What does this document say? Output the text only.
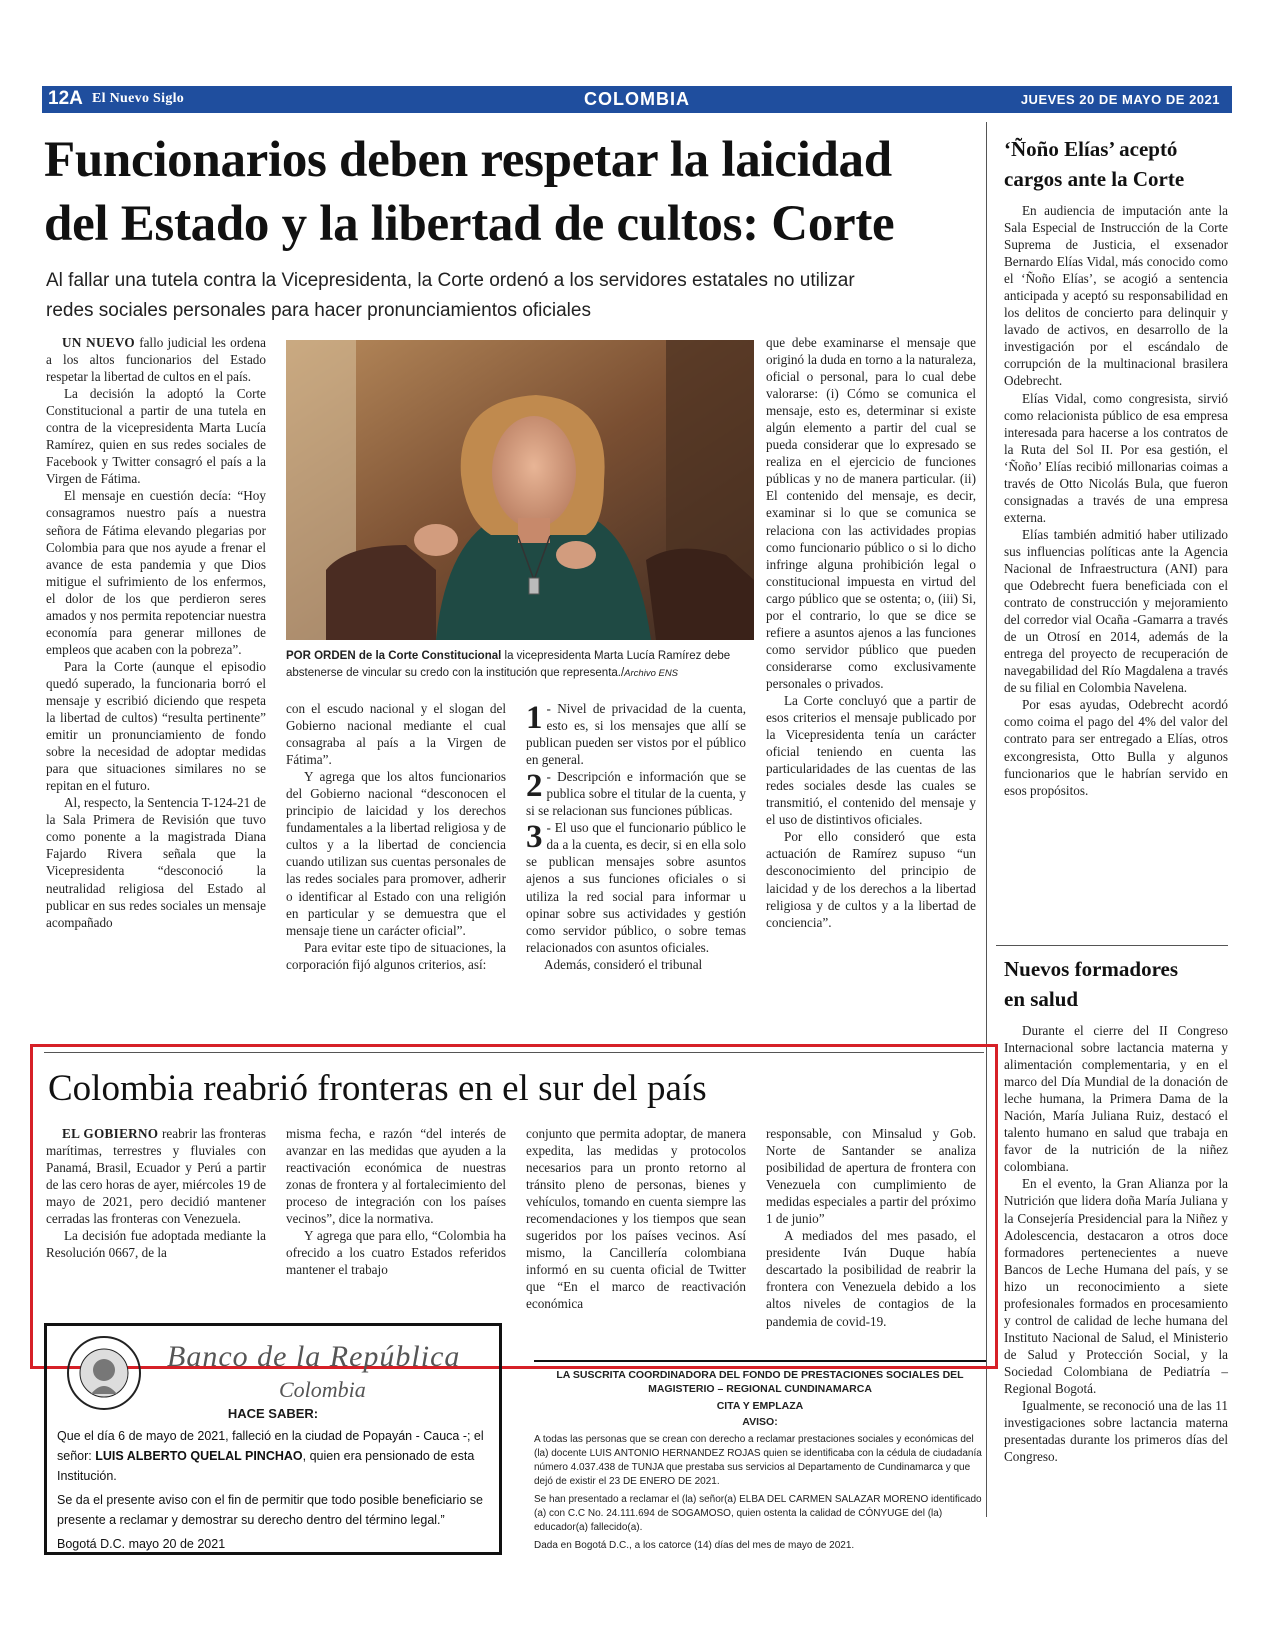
12A El Nuevo Siglo	COLOMBIA	JUEVES 20 DE MAYO DE 2021
Funcionarios deben respetar la laicidad
del Estado y la libertad de cultos: Corte
Al fallar una tutela contra la Vicepresidenta, la Corte ordenó a los servidores estatales no utilizar
redes sociales personales para hacer pronunciamientos oficiales

UN NUEVO fallo judicial les ordena a los altos funcionarios del Estado respetar la libertad de cultos en el país.

La decisión la adoptó la Corte Constitucional a partir de una tutela en contra de la vicepresidenta Marta Lucía Ramírez, quien en sus redes sociales de Facebook y Twitter consagró el país a la Virgen de Fátima.

El mensaje en cuestión decía: “Hoy consagramos nuestro país a nuestra señora de Fátima elevando plegarias por Colombia para que nos ayude a frenar el avance de esta pandemia y que Dios mitigue el sufrimiento de los enfermos, el dolor de los que perdieron seres amados y nos permita repotenciar nuestra economía para generar millones de empleos que acaben con la pobreza”.

Para la Corte (aunque el episodio quedó superado, la funcionaria borró el mensaje y escribió diciendo que respeta la libertad de cultos) “resulta pertinente” emitir un pronunciamiento de fondo sobre la necesidad de adoptar medidas para que situaciones similares no se repitan en el futuro.

Al, respecto, la Sentencia T-124-21 de la Sala Primera de Revisión que tuvo como ponente a la magistrada Diana Fajardo Rivera señala que la Vicepresidenta “desconoció la neutralidad religiosa del Estado al publicar en sus redes sociales un mensaje acompañado

POR ORDEN de la Corte Constitucional la vicepresidenta Marta Lucía Ramírez debe abstenerse de vincular su credo con la institución que representa./Archivo ENS

con el escudo nacional y el slogan del Gobierno nacional mediante el cual consagraba al país a la Virgen de Fátima”.

Y agrega que los altos funcionarios del Gobierno nacional “desconocen el principio de laicidad y los derechos fundamentales a la libertad religiosa y de cultos y a la libertad de conciencia cuando utilizan sus cuentas personales de las redes sociales para promover, adherir o identificar al Estado con una religión en particular y se demuestra que el mensaje tiene un carácter oficial”.

Para evitar este tipo de situaciones, la corporación fijó algunos criterios, así:

1 - Nivel de privacidad de la cuenta, esto es, si los mensajes que allí se publican pueden ser vistos por el público en general.

2 - Descripción e información que se publica sobre el titular de la cuenta, y si se relacionan sus funciones públicas.

3 - El uso que el funcionario público le da a la cuenta, es decir, si en ella solo se publican mensajes sobre asuntos ajenos a sus funciones oficiales o si utiliza la red social para informar u opinar sobre sus actividades y gestión como servidor público, o sobre temas relacionados con asuntos oficiales.

Además, consideró el tribunal

que debe examinarse el mensaje que originó la duda en torno a la naturaleza, oficial o personal, para lo cual debe valorarse: (i) Cómo se comunica el mensaje, esto es, determinar si existe algún elemento a partir del cual se pueda considerar que lo expresado se realiza en el ejercicio de funciones públicas y no de manera particular. (ii) El contenido del mensaje, es decir, examinar si lo que se comunica se relaciona con las actividades propias como funcionario público o si lo dicho infringe alguna prohibición legal o constitucional impuesta en virtud del cargo público que se ostenta; o, (iii) Si, por el contrario, lo que se dice se refiere a asuntos ajenos a las funciones como servidor público que pueden considerarse como exclusivamente personales o privados.

La Corte concluyó que a partir de esos criterios el mensaje publicado por la Vicepresidenta tenía un carácter oficial teniendo en cuenta las particularidades de las cuentas de las redes sociales desde las cuales se transmitió, el contenido del mensaje y el uso de distintivos oficiales.

Por ello consideró que esta actuación de Ramírez supuso “un desconocimiento del principio de laicidad y de los derechos a la libertad religiosa y de cultos y a la libertad de conciencia”.

‘Ñoño Elías’ aceptó
cargos ante la Corte

En audiencia de imputación ante la Sala Especial de Instrucción de la Corte Suprema de Justicia, el exsenador Bernardo Elías Vidal, más conocido como el ‘Ñoño Elías’, se acogió a sentencia anticipada y aceptó su responsabilidad en los delitos de concierto para delinquir y lavado de activos, en desarrollo de la investigación por el escándalo de corrupción de la multinacional brasilera Odebrecht.

Elías Vidal, como congresista, sirvió como relacionista público de esa empresa interesada para hacerse a los contratos de la Ruta del Sol II. Por esa gestión, el ‘Ñoño’ Elías recibió millonarias coimas a través de Otto Nicolás Bula, que fueron consignadas a través de una empresa externa.

Elías también admitió haber utilizado sus influencias políticas ante la Agencia Nacional de Infraestructura (ANI) para que Odebrecht fuera beneficiada con el contrato de construcción y mejoramiento del corredor vial Ocaña -Gamarra a través de un Otrosí en 2014, además de la entrega del proyecto de recuperación de navegabilidad del Río Magdalena a través de su filial en Colombia Navelena.

Por esas ayudas, Odebrecht acordó como coima el pago del 4% del valor del contrato para ser entregado a Elías, otros excongresista, Otto Bulla y algunos funcionarios que le habrían servido en esos propósitos.

Nuevos formadores
en salud

Durante el cierre del II Congreso Internacional sobre lactancia materna y alimentación complementaria, y en el marco del Día Mundial de la donación de leche humana, la Primera Dama de la Nación, María Juliana Ruiz, destacó el talento humano en salud que trabaja en favor de la nutrición de la niñez colombiana.

En el evento, la Gran Alianza por la Nutrición que lidera doña María Juliana y la Consejería Presidencial para la Niñez y Adolescencia, destacaron a otros doce formadores pertenecientes a nueve Bancos de Leche Humana del país, y se hizo un reconocimiento a siete profesionales formados en procesamiento y control de calidad de leche humana del Instituto Nacional de Salud, el Ministerio de Salud y Protección Social, y la Sociedad Colombiana de Pediatría – Regional Bogotá.

Igualmente, se reconoció una de las 11 investigaciones sobre lactancia materna presentadas durante los primeros días del Congreso.

Colombia reabrió fronteras en el sur del país

EL GOBIERNO reabrir las fronteras marítimas, terrestres y fluviales con Panamá, Brasil, Ecuador y Perú a partir de las cero horas de ayer, miércoles 19 de mayo de 2021, pero decidió mantener cerradas las fronteras con Venezuela.

La decisión fue adoptada mediante la Resolución 0667, de la

misma fecha, e razón “del interés de avanzar en las medidas que ayuden a la reactivación económica de nuestras zonas de frontera y al fortalecimiento del proceso de integración con los países vecinos”, dice la normativa.

Y agrega que para ello, “Colombia ha ofrecido a los cuatro Estados referidos mantener el trabajo

conjunto que permita adoptar, de manera expedita, las medidas y protocolos necesarios para un pronto retorno al tránsito pleno de personas, bienes y vehículos, tomando en cuenta siempre las recomendaciones y los tiempos que sean sugeridos por los países vecinos. Así mismo, la Cancillería colombiana informó en su cuenta oficial de Twitter que “En el marco de reactivación económica

responsable, con Minsalud y Gob. Norte de Santander se analiza posibilidad de apertura de frontera con Venezuela con cumplimiento de medidas especiales a partir del próximo 1 de junio”

A mediados del mes pasado, el presidente Iván Duque había descartado la posibilidad de reabrir la frontera con Venezuela debido a los altos niveles de contagios de la pandemia de covid-19.

Banco de la República
Colombia
HACE SABER:

Que el día 6 de mayo de 2021, falleció en la ciudad de Popayán - Cauca -; el señor: LUIS ALBERTO QUELAL PINCHAO, quien era pensionado de esta Institución.

Se da el presente aviso con el fin de permitir que todo posible beneficiario se presente a reclamar y demostrar su derecho dentro del término legal.”

Bogotá D.C. mayo 20 de 2021

LA SUSCRITA COORDINADORA DEL FONDO DE PRESTACIONES SOCIALES DEL MAGISTERIO – REGIONAL CUNDINAMARCA
CITA Y EMPLAZA
AVISO:

A todas las personas que se crean con derecho a reclamar prestaciones sociales y económicas del (la) docente LUIS ANTONIO HERNANDEZ ROJAS quien se identificaba con la cédula de ciudadanía número 4.037.438 de TUNJA que prestaba sus servicios al Departamento de Cundinamarca y que dejó de existir el 23 DE ENERO DE 2021.

Se han presentado a reclamar el (la) señor(a) ELBA DEL CARMEN SALAZAR MORENO identificado (a) con C.C No. 24.111.694 de SOGAMOSO, quien ostenta la calidad de CÓNYUGE del (la) educador(a) fallecido(a).

Dada en Bogotá D.C., a los catorce (14) días del mes de mayo de 2021.
